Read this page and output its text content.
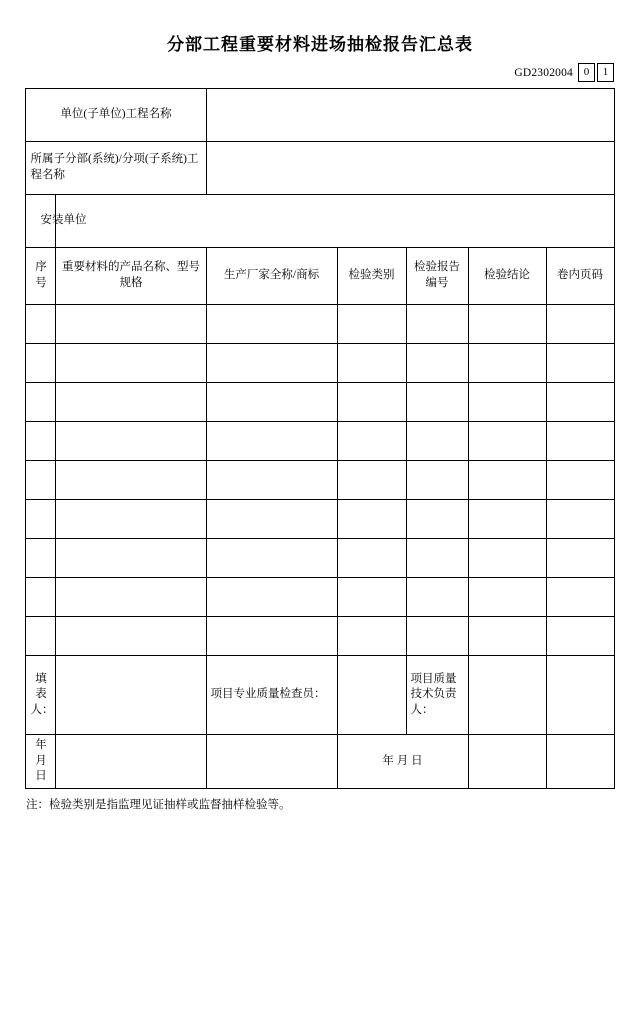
分部工程重要材料进场抽检报告汇总表
GD2302004 0	1
单位(子单位)工程名称						
所属子分部(系统)/分项(子系统)工程名称						
安装单位						
序号	重要材料的产品名称、型号规格	生产厂家全称/商标	检验类别	检验报告编号	检验结论	卷内页码

填表人：		项目专业质量检查员：		项目质量技术负责人：		
年 月 日			年 月 日			
注：检验类别是指监理见证抽样或监督抽样检验等。
